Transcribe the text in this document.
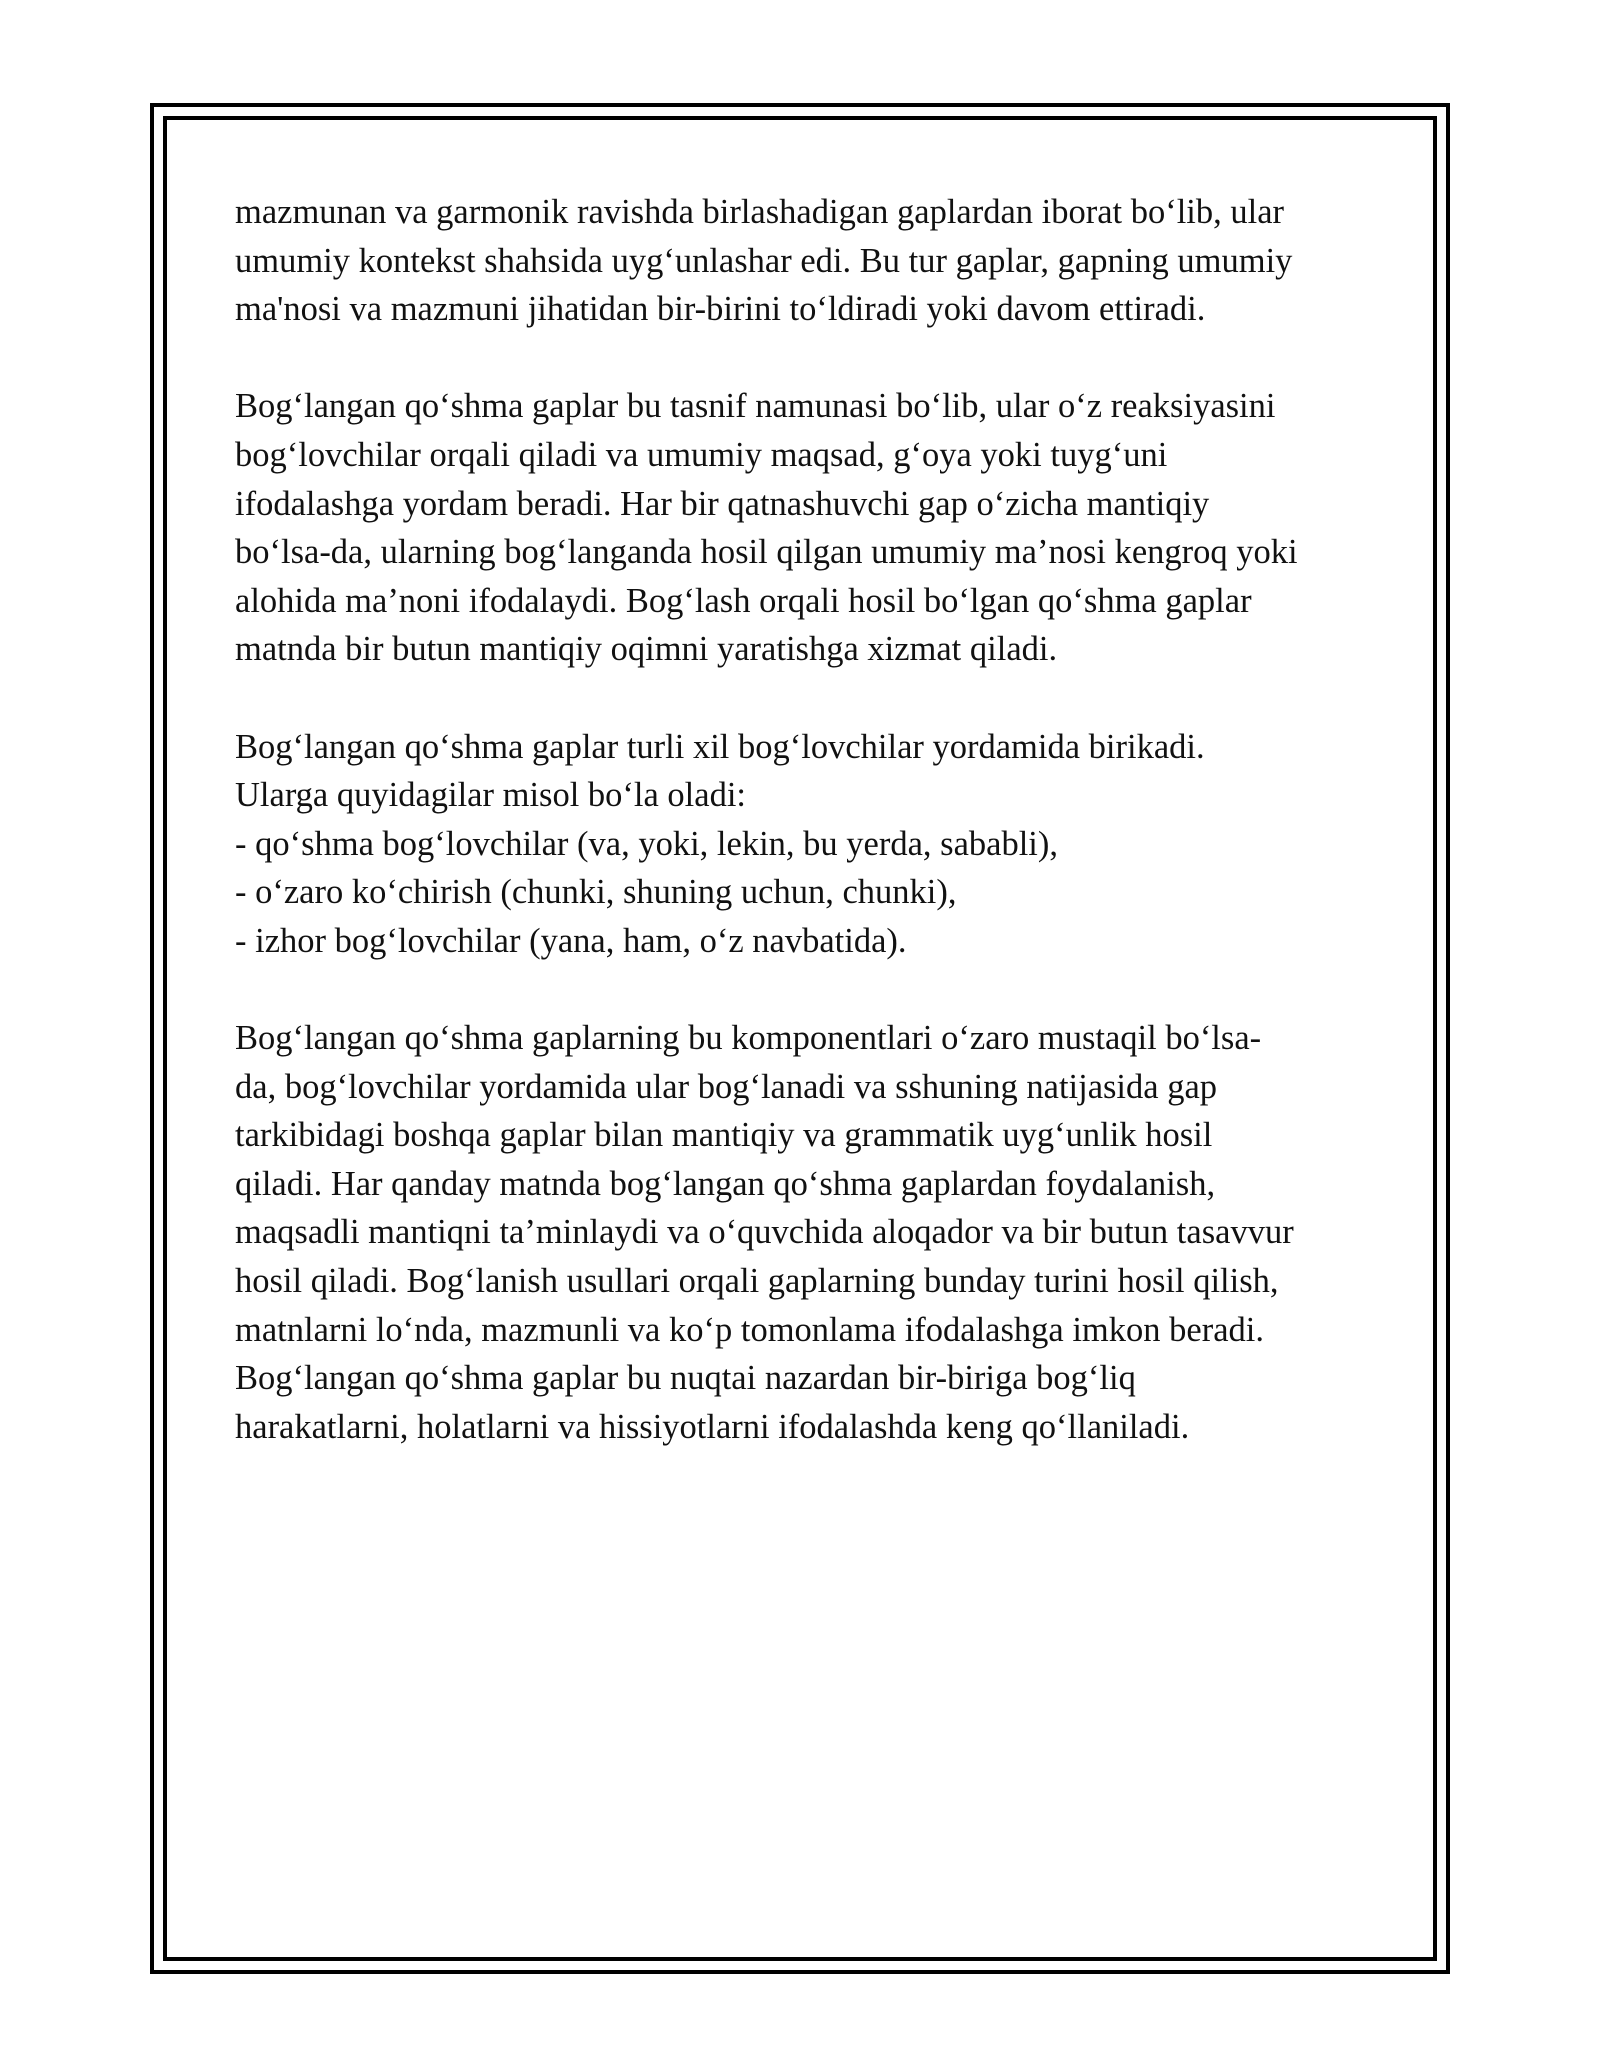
mazmunan va garmonik ravishda birlashadigan gaplardan iborat bo‘lib, ular
umumiy kontekst shahsida uyg‘unlashar edi. Bu tur gaplar, gapning umumiy
ma'nosi va mazmuni jihatidan bir-birini to‘ldiradi yoki davom ettiradi.

Bog‘langan qo‘shma gaplar bu tasnif namunasi bo‘lib, ular o‘z reaksiyasini
bog‘lovchilar orqali qiladi va umumiy maqsad, g‘oya yoki tuyg‘uni
ifodalashga yordam beradi. Har bir qatnashuvchi gap o‘zicha mantiqiy
bo‘lsa-da, ularning bog‘langanda hosil qilgan umumiy ma’nosi kengroq yoki
alohida ma’noni ifodalaydi. Bog‘lash orqali hosil bo‘lgan qo‘shma gaplar
matnda bir butun mantiqiy oqimni yaratishga xizmat qiladi.

Bog‘langan qo‘shma gaplar turli xil bog‘lovchilar yordamida birikadi.
Ularga quyidagilar misol bo‘la oladi:
- qo‘shma bog‘lovchilar (va, yoki, lekin, bu yerda, sababli),
- o‘zaro ko‘chirish (chunki, shuning uchun, chunki),
- izhor bog‘lovchilar (yana, ham, o‘z navbatida).

Bog‘langan qo‘shma gaplarning bu komponentlari o‘zaro mustaqil bo‘lsa-
da, bog‘lovchilar yordamida ular bog‘lanadi va sshuning natijasida gap
tarkibidagi boshqa gaplar bilan mantiqiy va grammatik uyg‘unlik hosil
qiladi. Har qanday matnda bog‘langan qo‘shma gaplardan foydalanish,
maqsadli mantiqni ta’minlaydi va o‘quvchida aloqador va bir butun tasavvur
hosil qiladi. Bog‘lanish usullari orqali gaplarning bunday turini hosil qilish,
matnlarni lo‘nda, mazmunli va ko‘p tomonlama ifodalashga imkon beradi.
Bog‘langan qo‘shma gaplar bu nuqtai nazardan bir-biriga bog‘liq
harakatlarni, holatlarni va hissiyotlarni ifodalashda keng qo‘llaniladi.
